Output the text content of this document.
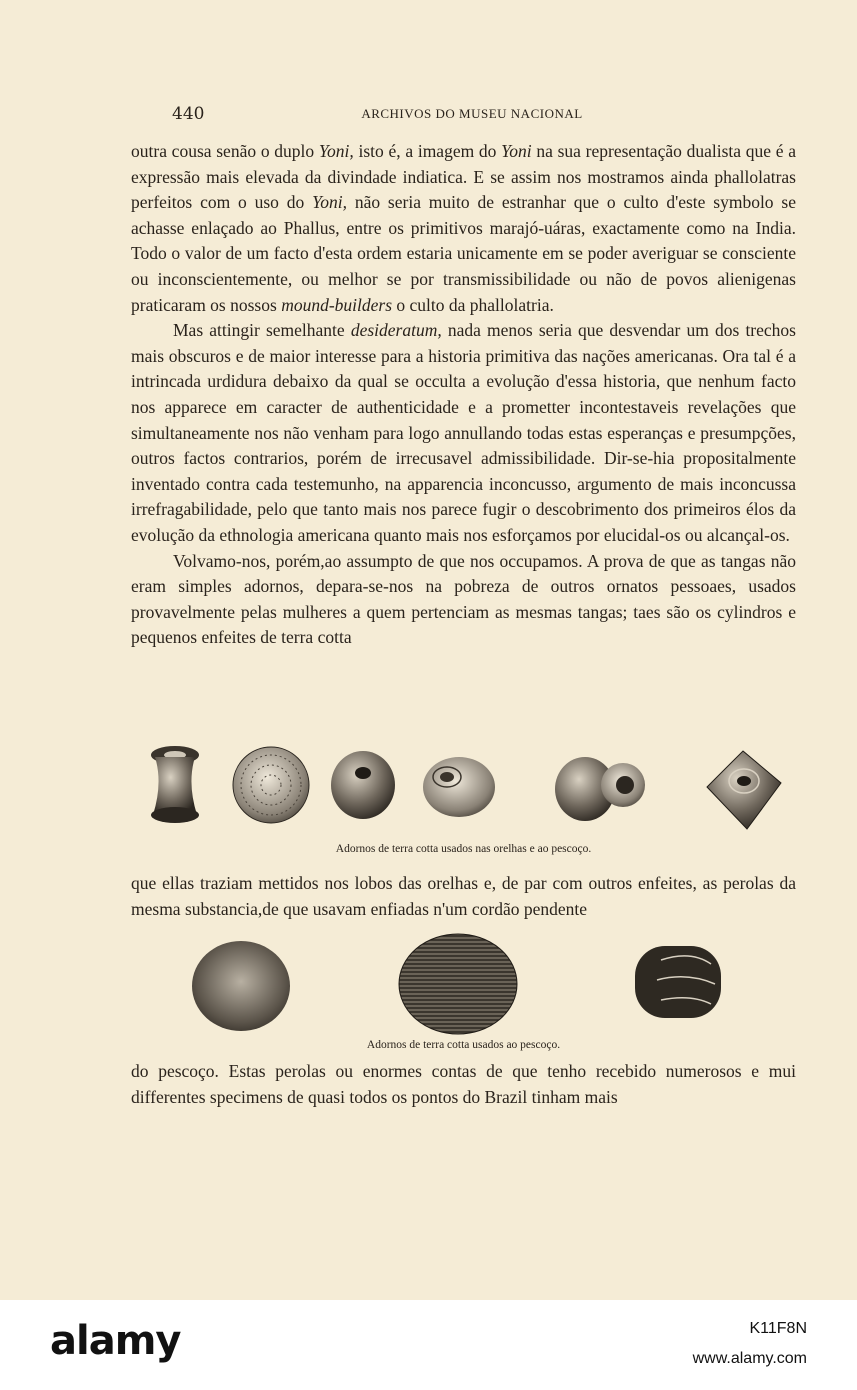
440	ARCHIVOS DO MUSEU NACIONAL

outra cousa senão o duplo Yoni, isto é, a imagem do Yoni na sua representação dualista que é a expressão mais elevada da divindade indiatica. E se assim nos mostramos ainda phallolatras perfeitos com o uso do Yoni, não seria muito de estranhar que o culto d'este symbolo se achasse enlaçado ao Phallus, entre os primitivos marajó-uáras, exactamente como na India. Todo o valor de um facto d'esta ordem estaria unicamente em se poder averiguar se consciente ou inconscientemente, ou melhor se por transmissibilidade ou não de povos alienigenas praticaram os nossos mound-builders o culto da phallolatria.

Mas attingir semelhante desideratum, nada menos seria que desvendar um dos trechos mais obscuros e de maior interesse para a historia primitiva das nações americanas. Ora tal é a intrincada urdidura debaixo da qual se occulta a evolução d'essa historia, que nenhum facto nos apparece em caracter de authenticidade e a prometter incontestaveis revelações que simultaneamente nos não venham para logo annullando todas estas esperanças e presumpções, outros factos contrarios, porém de irrecusavel admissibilidade. Dir-se-hia propositalmente inventado contra cada testemunho, na apparencia inconcusso, argumento de mais inconcussa irrefragabilidade, pelo que tanto mais nos parece fugir o descobrimento dos primeiros élos da evolução da ethnologia americana quanto mais nos esforçamos por elucidal-os ou alcançal-os.

Volvamo-nos, porém,ao assumpto de que nos occupamos. A prova de que as tangas não eram simples adornos, depara-se-nos na pobreza de outros ornatos pessoaes, usados provavelmente pelas mulheres a quem pertenciam as mesmas tangas; taes são os cylindros e pequenos enfeites de terra cotta

Adornos de terra cotta usados nas orelhas e ao pescoço.

que ellas traziam mettidos nos lobos das orelhas e, de par com outros enfeites, as perolas da mesma substancia,de que usavam enfiadas n'um cordão pendente

Adornos de terra cotta usados ao pescoço.

do pescoço. Estas perolas ou enormes contas de que tenho recebido numerosos e mui differentes specimens de quasi todos os pontos do Brazil tinham mais

alamy	K11F8N
www.alamy.com
